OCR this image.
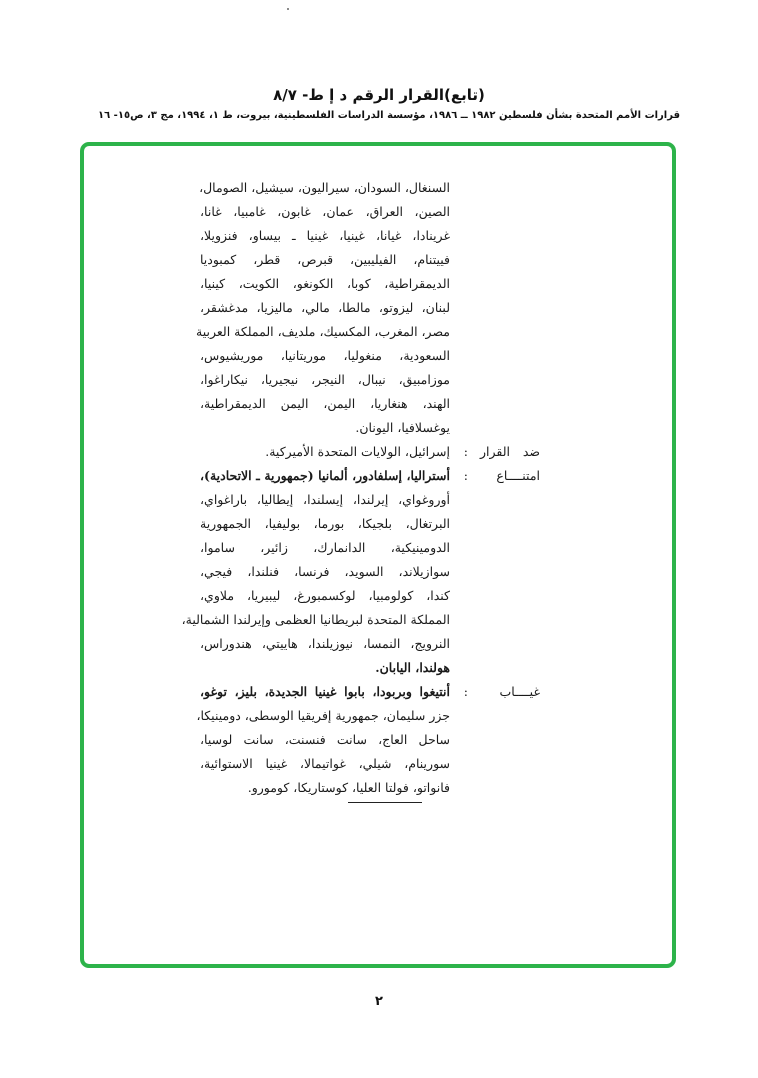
(تابع)القرار الرقم د إ ط- ٨/٧
قرارات الأمم المتحدة بشأن فلسطين ١٩٨٢ ــ ١٩٨٦، مؤسسة الدراسات الفلسطينية، بيروت، ط ١، ١٩٩٤، مج ٣، ص١٥- ١٦
السنغال، السودان، سيراليون، سيشيل، الصومال،
الصين، العراق، عمان، غابون، غامبيا، غانا،
غرينادا، غيانا، غينيا، غينيا ـ بيساو، فنزويلا،
فييتنام، الفيليبين، قبرص، قطر، كمبوديا
الديمقراطية، كوبا، الكونغو، الكويت، كينيا،
لبنان، ليزوتو، مالطا، مالي، ماليزيا، مدغشقر،
مصر، المغرب، المكسيك، ملديف، المملكة العربية
السعودية، منغوليا، موريتانيا، موريشيوس،
موزامبيق، نيبال، النيجر، نيجيريا، نيكاراغوا،
الهند، هنغاريا، اليمن، اليمن الديمقراطية،
يوغسلافيا، اليونان.
ضد القرار
:
إسرائيل، الولايات المتحدة الأميركية.
امتنــــاع
:
أستراليا، إسلفادور، ألمانيا (جمهورية ـ الاتحادية)،
أوروغواي، إيرلندا، إيسلندا، إيطاليا، باراغواي،
البرتغال، بلجيكا، بورما، بوليفيا، الجمهورية
الدومينيكية، الدانمارك، زائير، ساموا،
سوازيلاند، السويد، فرنسا، فنلندا، فيجي،
كندا، كولومبيا، لوكسمبورغ، ليبيريا، ملاوي،
المملكة المتحدة لبريطانيا العظمى وإيرلندا الشمالية،
النرويج، النمسا، نيوزيلندا، هاييتي، هندوراس،
هولندا، اليابان.
غيــــاب
:
أنتيغوا وبربودا، بابوا غينيا الجديدة، بليز، توغو،
جزر سليمان، جمهورية إفريقيا الوسطى، دومينيكا،
ساحل العاج، سانت فنسنت، سانت لوسيا،
سورينام، شيلي، غواتيمالا، غينيا الاستوائية،
فانواتو، فولتا العليا، كوستاريكا، كومورو.
٢
